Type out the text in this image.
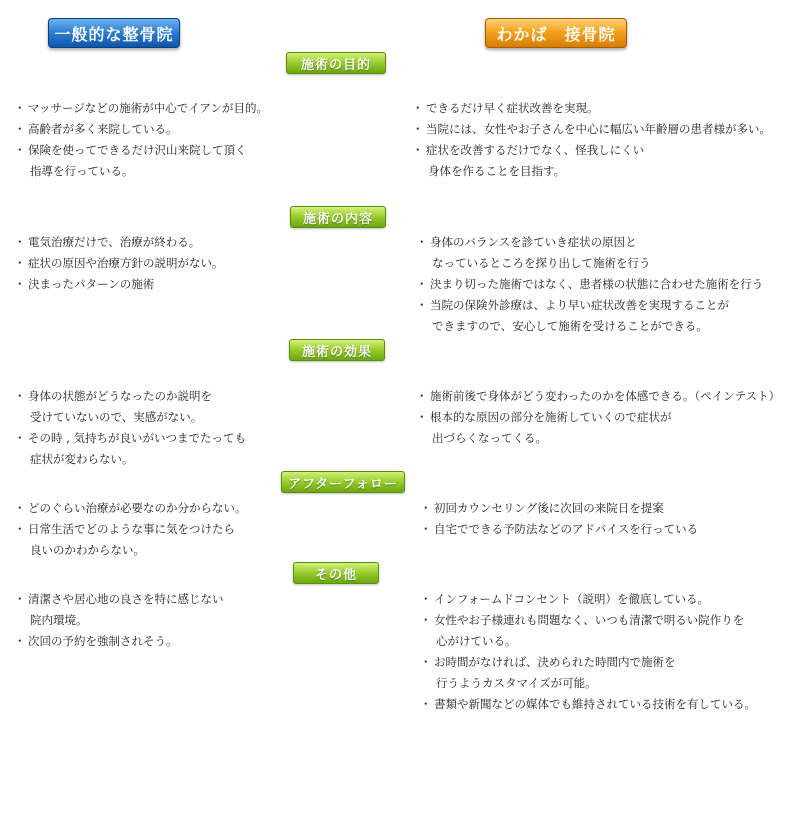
一般的な整骨院	わかば　接骨院
施術の目的
・ マッサージなどの施術が中心でイアンが目的。
・ 高齢者が多く来院している。
・ 保険を使ってできるだけ沢山来院して頂く
指導を行っている。
・ できるだけ早く症状改善を実現。
・ 当院には、女性やお子さんを中心に幅広い年齢層の患者様が多い。
・ 症状を改善するだけでなく、怪我しにくい
身体を作ることを目指す。
施術の内容
・ 電気治療だけで、治療が終わる。
・ 症状の原因や治療方針の説明がない。
・ 決まったパターンの施術
・ 身体のバランスを診ていき症状の原因と
なっているところを探り出して施術を行う
・ 決まり切った施術ではなく、患者様の状態に合わせた施術を行う
・ 当院の保険外診療は、より早い症状改善を実現することが
できますので、安心して施術を受けることができる。
施術の効果
・ 身体の状態がどうなったのか説明を
受けていないので、実感がない。
・ その時 , 気持ちが良いがいつまでたっても
症状が変わらない。
・ 施術前後で身体がどう変わったのかを体感できる。（ペインテスト）
・ 根本的な原因の部分を施術していくので症状が
出づらくなってくる。
アフターフォロー
・ どのぐらい治療が必要なのか分からない。
・ 日常生活でどのような事に気をつけたら
良いのかわからない。
・ 初回カウンセリング後に次回の来院日を提案
・ 自宅でできる予防法などのアドバイスを行っている
その他
・ 清潔さや居心地の良さを特に感じない
院内環境。
・ 次回の予約を強制されそう。
・ インフォームドコンセント（説明）を徹底している。
・ 女性やお子様連れも問題なく、いつも清潔で明るい院作りを
心がけている。
・ お時間がなければ、決められた時間内で施術を
行うようカスタマイズが可能。
・ 書類や新聞などの媒体でも維持されている技術を有している。
